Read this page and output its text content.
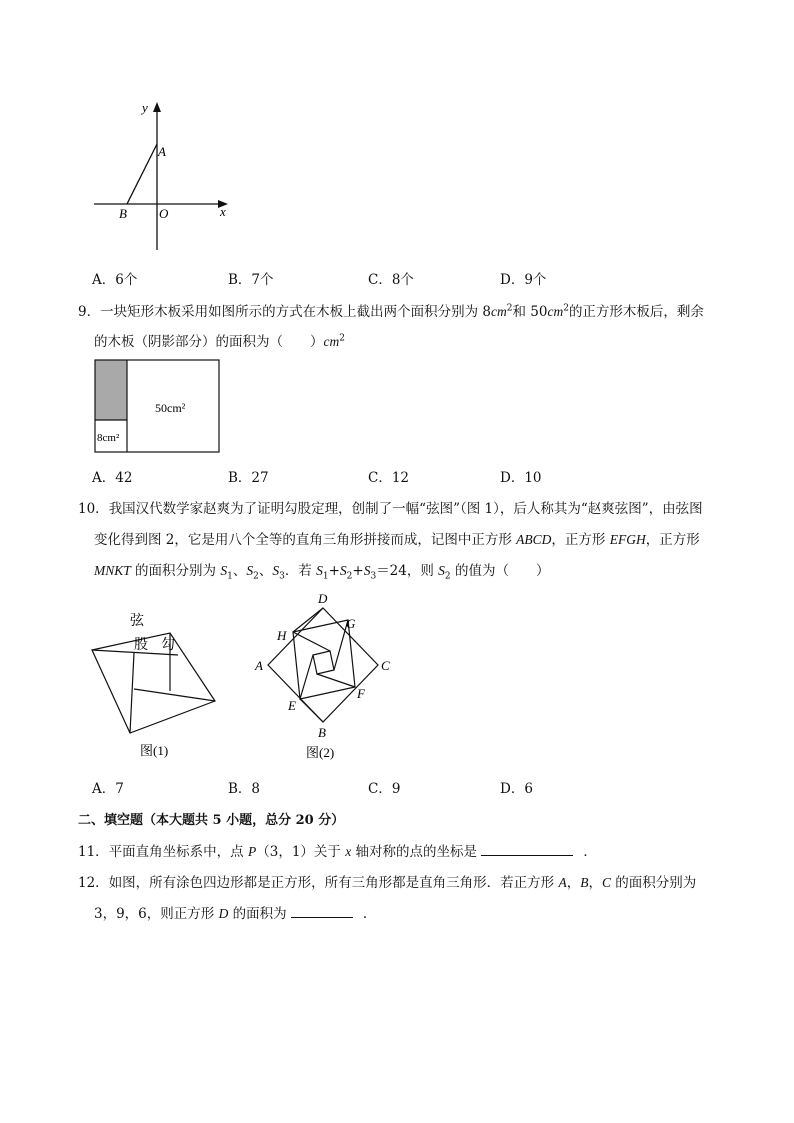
y
A
B O	x
A．6个	B．7个	C．8个	D．9个
9．一块矩形木板采用如图所示的方式在木板上截出两个面积分别为 $8cm^2$和 $50cm^2$的正方形木板后，剩余
的木板（阴影部分）的面积为（　　）$cm^2$
50cm²
8cm²
A．42	B．27	C．12	D．10
10．我国汉代数学家赵爽为了证明勾股定理，创制了一幅“弦图”（图 1），后人称其为“赵爽弦图”，由弦图
变化得到图 2，它是用八个全等的直角三角形拼接而成，记图中正方形 ABCD，正方形 EFGH，正方形
MNKT 的面积分别为 $S_1$、$S_2$、$S_3$．若 $S_1+S_2+S_3=24$，则 $S_2$ 的值为（　　）
弦
股 勾
图(1)
D
H
G
A	C
F
E
B
图(2)
A．7	B．8	C．9	D．6
二、填空题（本大题共 5 小题，总分 20 分）
11．平面直角坐标系中，点 P（3，1）关于 x 轴对称的点的坐标是	．
12．如图，所有涂色四边形都是正方形，所有三角形都是直角三角形．若正方形 A，B，C 的面积分别为
3，9，6，则正方形 D 的面积为	．
